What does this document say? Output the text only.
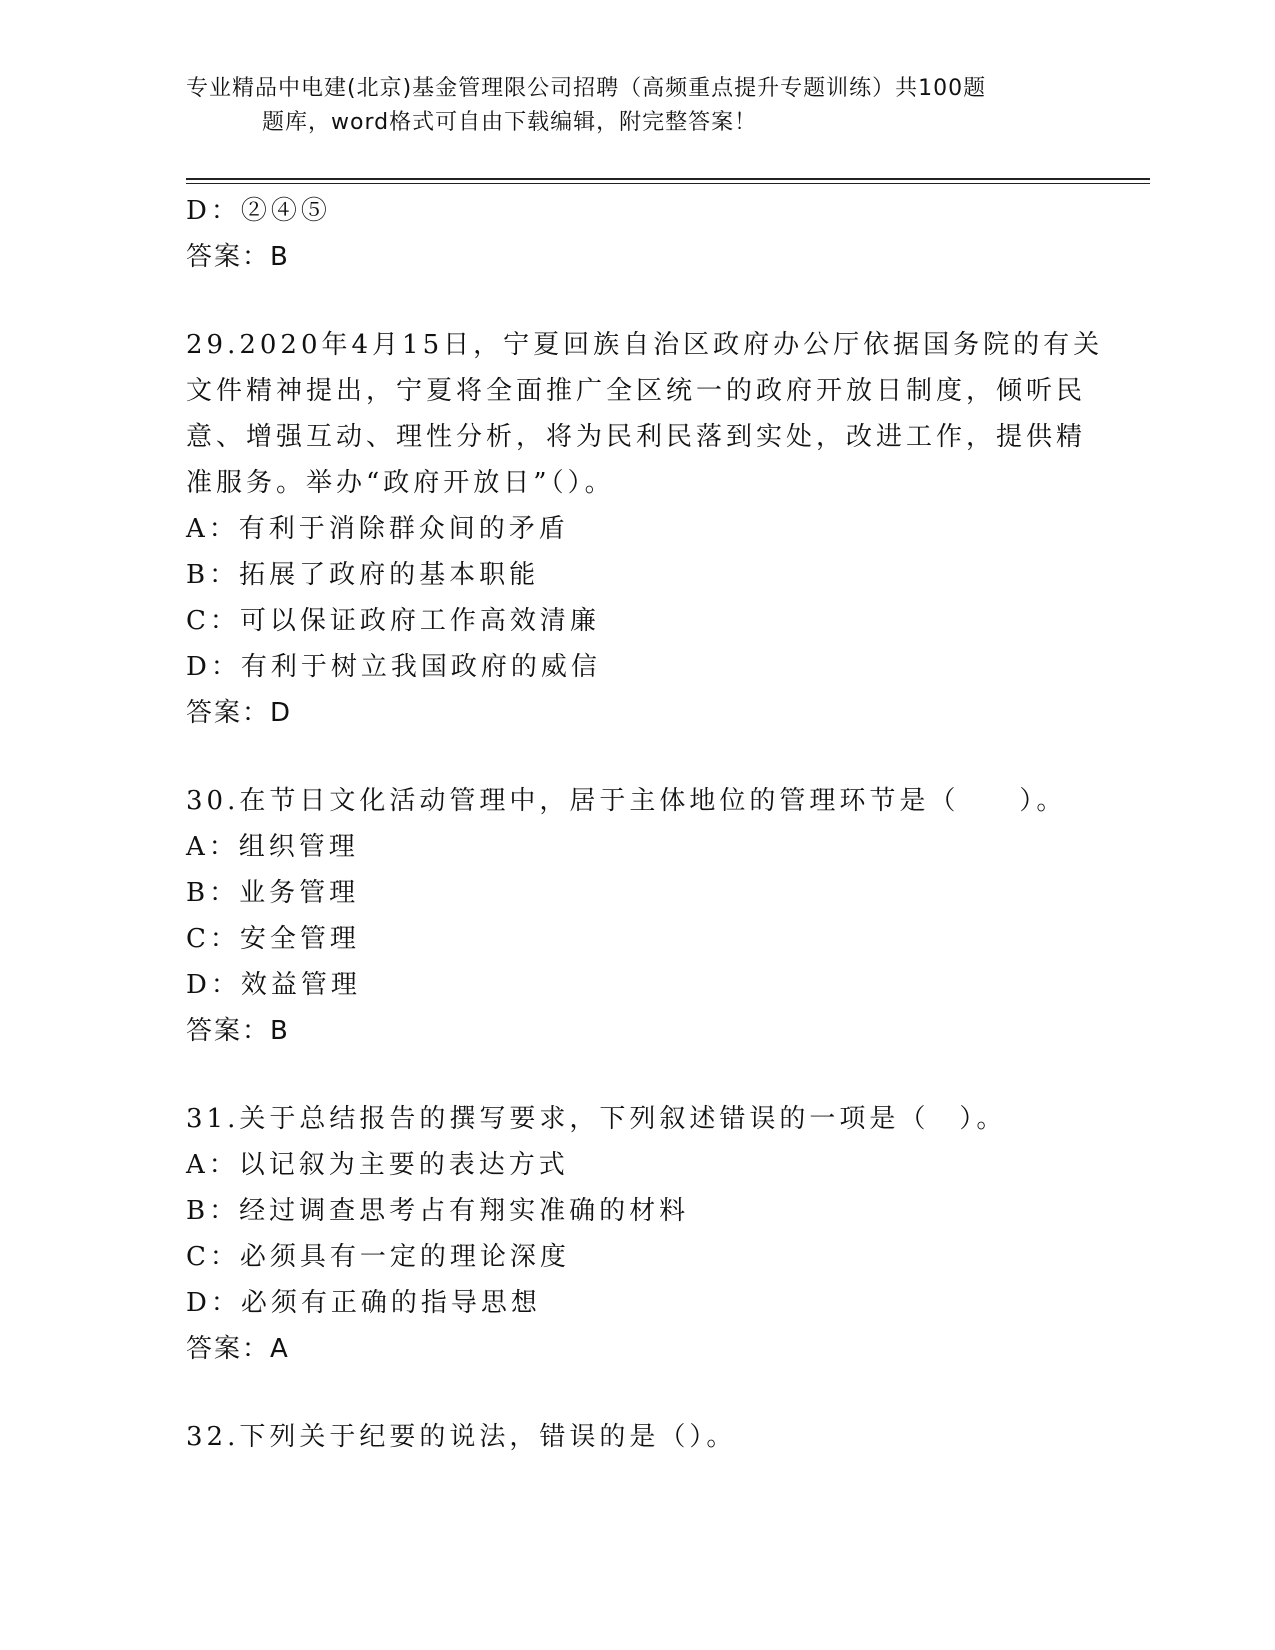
专业精品中电建(北京)基金管理限公司招聘（高频重点提升专题训练）共100题

题库，word格式可自由下载编辑，附完整答案！
D：②④⑤
答案：B
29.2020年4月15日，宁夏回族自治区政府办公厅依据国务院的有关
文件精神提出，宁夏将全面推广全区统一的政府开放日制度，倾听民
意、增强互动、理性分析，将为民利民落到实处，改进工作，提供精
准服务。举办“政府开放日”（）。
A：有利于消除群众间的矛盾
B：拓展了政府的基本职能
C：可以保证政府工作高效清廉
D：有利于树立我国政府的威信
答案：D
30.在节日文化活动管理中，居于主体地位的管理环节是（　　）。
A：组织管理
B：业务管理
C：安全管理
D：效益管理
答案：B
31.关于总结报告的撰写要求，下列叙述错误的一项是（　）。
A：以记叙为主要的表达方式
B：经过调查思考占有翔实准确的材料
C：必须具有一定的理论深度
D：必须有正确的指导思想
答案：A
32.下列关于纪要的说法，错误的是（）。
